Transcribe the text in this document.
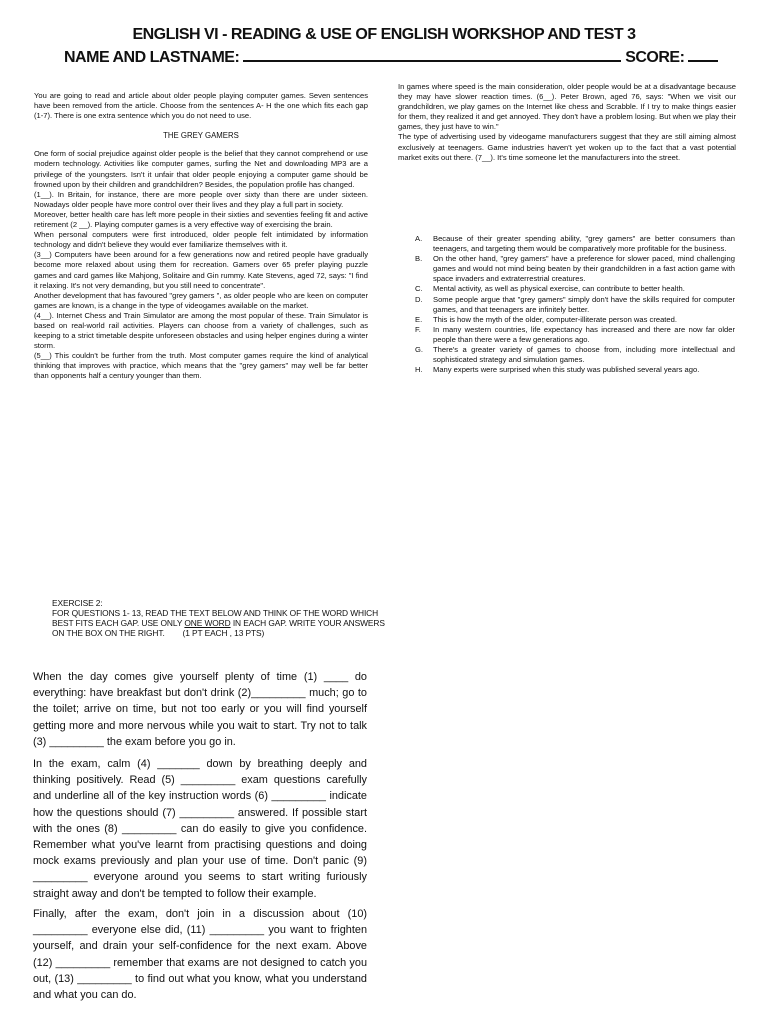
ENGLISH VI - READING & USE OF ENGLISH WORKSHOP AND TEST 3
NAME AND LASTNAME:	SCORE:

You are going to read and article about older people playing computer games. Seven sentences have been removed from the article. Choose from the sentences A- H the one which fits each gap (1-7). There is one extra sentence which you do not need to use.

THE GREY GAMERS

One form of social prejudice against older people is the belief that they cannot comprehend or use modern technology. Activities like computer games, surfing the Net and downloading MP3 are a privilege of the youngsters. Isn't it unfair that older people enjoying a computer game should be frowned upon by their children and grandchildren? Besides, the population profile has changed.

(1__). In Britain, for instance, there are more people over sixty than there are under sixteen. Nowadays older people have more control over their lives and they play a full part in society.

Moreover, better health care has left more people in their sixties and seventies feeling fit and active retirement (2 __). Playing computer games is a very effective way of exercising the brain.

When personal computers were first introduced, older people felt intimidated by information technology and didn't believe they would ever familiarize themselves with it.

(3__) Computers have been around for a few generations now and retired people have gradually become more relaxed about using them for recreation. Gamers over 65 prefer playing puzzle games and card games like Mahjong, Solitaire and Gin rummy. Kate Stevens, aged 72, says: "I find it relaxing. It's not very demanding, but you still need to concentrate".

Another development that has favoured "grey gamers ", as older people who are keen on computer games are known, is a change in the type of videogames available on the market.

(4__). Internet Chess and Train Simulator are among the most popular of these. Train Simulator is based on real-world rail activities. Players can choose from a variety of challenges, such as keeping to a strict timetable despite unforeseen obstacles and using helper engines during a winter storm.

(5__) This couldn't be further from the truth. Most computer games require the kind of analytical thinking that improves with practice, which means that the "grey gamers" may well be far better than opponents half a century younger than them.

In games where speed is the main consideration, older people would be at a disadvantage because they may have slower reaction times. (6__). Peter Brown, aged 76, says: "When we visit our grandchildren, we play games on the Internet like chess and Scrabble. If I try to make things easier for them, they realized it and get annoyed. They don't have a problem losing. But when we play their games, they just have to win."

The type of advertising used by videogame manufacturers suggest that they are still aiming almost exclusively at teenagers. Game industries haven't yet woken up to the fact that a vast potential market exits out there. (7__). It's time someone let the manufacturers into the street.

A.	Because of their greater spending ability, "grey gamers" are better consumers than teenagers, and targeting them would be comparatively more profitable for the business.
B.	On the other hand, "grey gamers" have a preference for slower paced, mind challenging games and would not mind being beaten by their grandchildren in a fast action game with space invaders and extraterrestrial creatures.
C.	Mental activity, as well as physical exercise, can contribute to better health.
D.	Some people argue that "grey gamers" simply don't have the skills required for computer games, and that teenagers are infinitely better.
E.	This is how the myth of the older, computer-illiterate person was created.
F.	In many western countries, life expectancy has increased and there are now far older people than there were a few generations ago.
G.	There's a greater variety of games to choose from, including more intellectual and sophisticated strategy and simulation games.
H.	Many experts were surprised when this study was published several years ago.

EXERCISE 2:

FOR QUESTIONS 1- 13, READ THE TEXT BELOW AND THINK OF THE WORD WHICH BEST FITS EACH GAP. USE ONLY ONE WORD IN EACH GAP. WRITE YOUR ANSWERS ON THE BOX ON THE RIGHT. (1 PT EACH , 13 PTS)

When the day comes give yourself plenty of time (1) ____ do everything: have breakfast but don't drink (2)_________ much; go to the toilet; arrive on time, but not too early or you will find yourself getting more and more nervous while you wait to start. Try not to talk (3) _________ the exam before you go in.

In the exam, calm (4) _______ down by breathing deeply and thinking positively. Read (5) _________ exam questions carefully and underline all of the key instruction words (6) _________ indicate how the questions should (7) _________ answered. If possible start with the ones (8) _________ can do easily to give you confidence. Remember what you've learnt from practising questions and doing mock exams previously and plan your use of time. Don't panic (9) _________ everyone around you seems to start writing furiously straight away and don't be tempted to follow their example.

Finally, after the exam, don't join in a discussion about (10) _________ everyone else did, (11) _________ you want to frighten yourself, and drain your self-confidence for the next exam. Above (12) _________ remember that exams are not designed to catch you out, (13) _________ to find out what you know, what you understand and what you can do.
